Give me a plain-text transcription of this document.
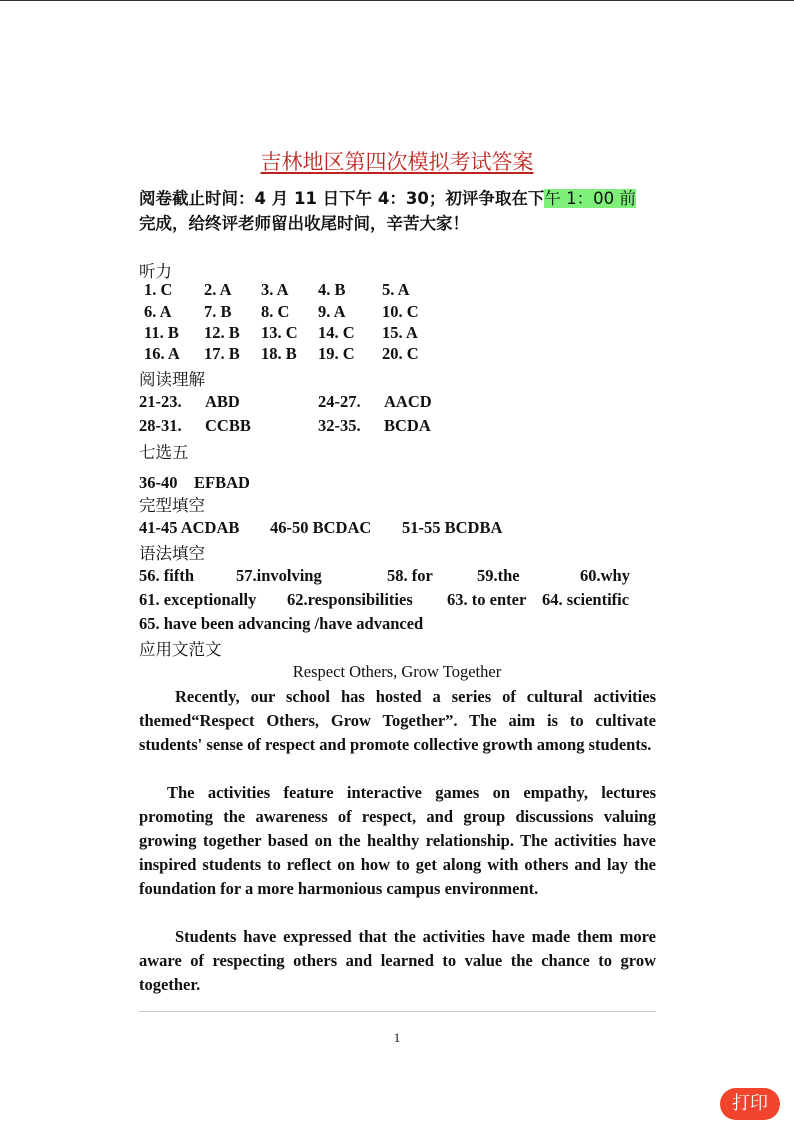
吉林地区第四次模拟考试答案
阅卷截止时间：4 月 11 日下午 4：30；初评争取在下午 1：00 前
完成，给终评老师留出收尾时间，辛苦大家！
听力
1. C 2. A 3. A 4. B 5. A
6. A 7. B 8. C 9. A 10. C
11. B 12. B 13. C 14. C 15. A
16. A 17. B 18. B 19. C 20. C
阅读理解
21-23. ABD	24-27. AACD
28-31. CCBB	32-35. BCDA
七选五
36-40　EFBAD
完型填空
41-45 ACDAB 46-50 BCDAC 51-55 BCDBA
语法填空
56. fifth	57.involving	58. for	59.the	60.why
61. exceptionally 62.responsibilities 63. to enter 64. scientific
65. have been advancing /have advanced
应用文范文
Respect Others, Grow Together

Recently, our school has hosted a series of cultural activities themed“Respect Others, Grow Together”. The aim is to cultivate students' sense of respect and promote collective growth among students.

The activities feature interactive games on empathy, lectures promoting the awareness of respect, and group discussions valuing growing together based on the healthy relationship. The activities have inspired students to reflect on how to get along with others and lay the foundation for a more harmonious campus environment.

Students have expressed that the activities have made them more aware of respecting others and learned to value the chance to grow together.

1
打印
